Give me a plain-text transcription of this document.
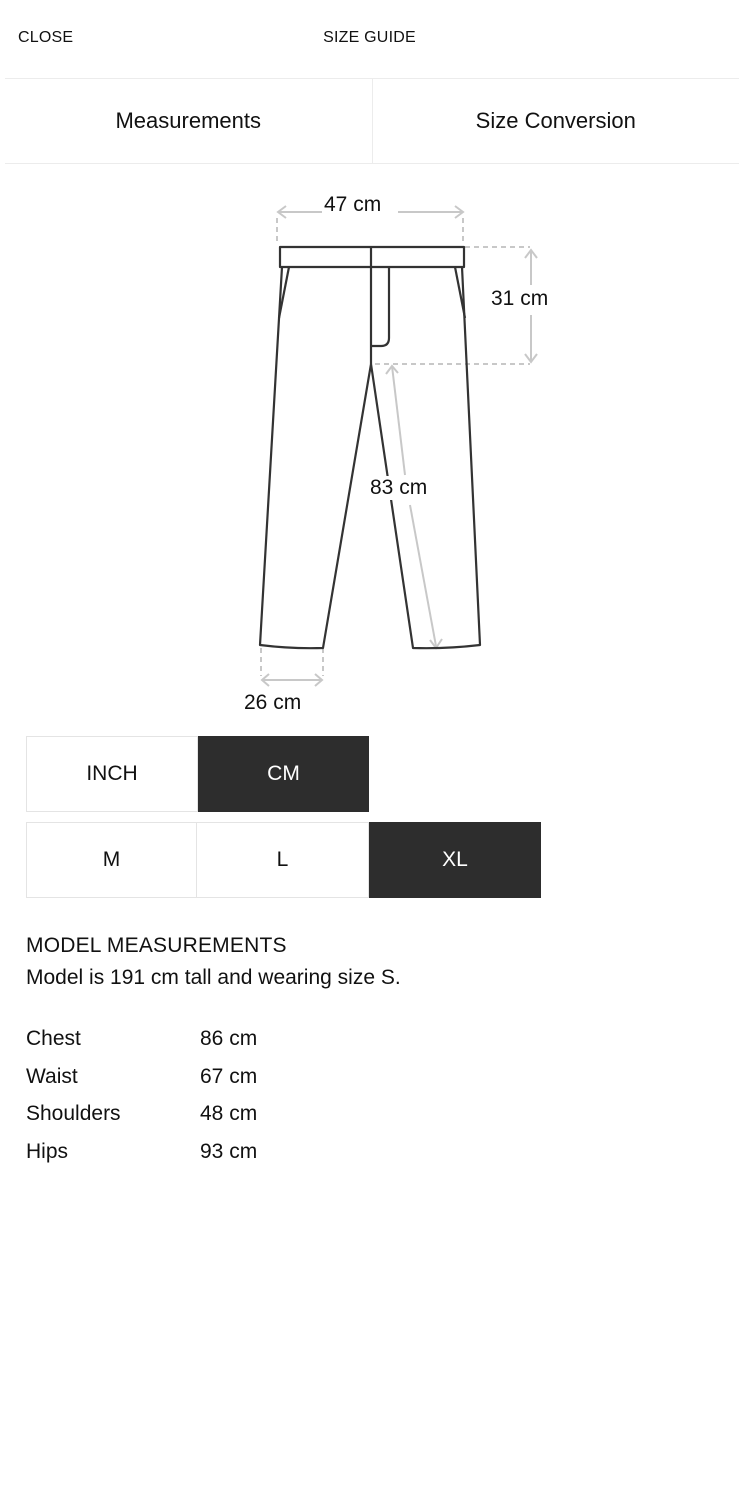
CLOSE	SIZE GUIDE
Measurements	Size Conversion
47 cm
31 cm
83 cm
26 cm
INCH	CM
M	L	XL
MODEL MEASUREMENTS
Model is 191 cm tall and wearing size S.
Chest	86 cm
Waist	67 cm
Shoulders	48 cm
Hips	93 cm
